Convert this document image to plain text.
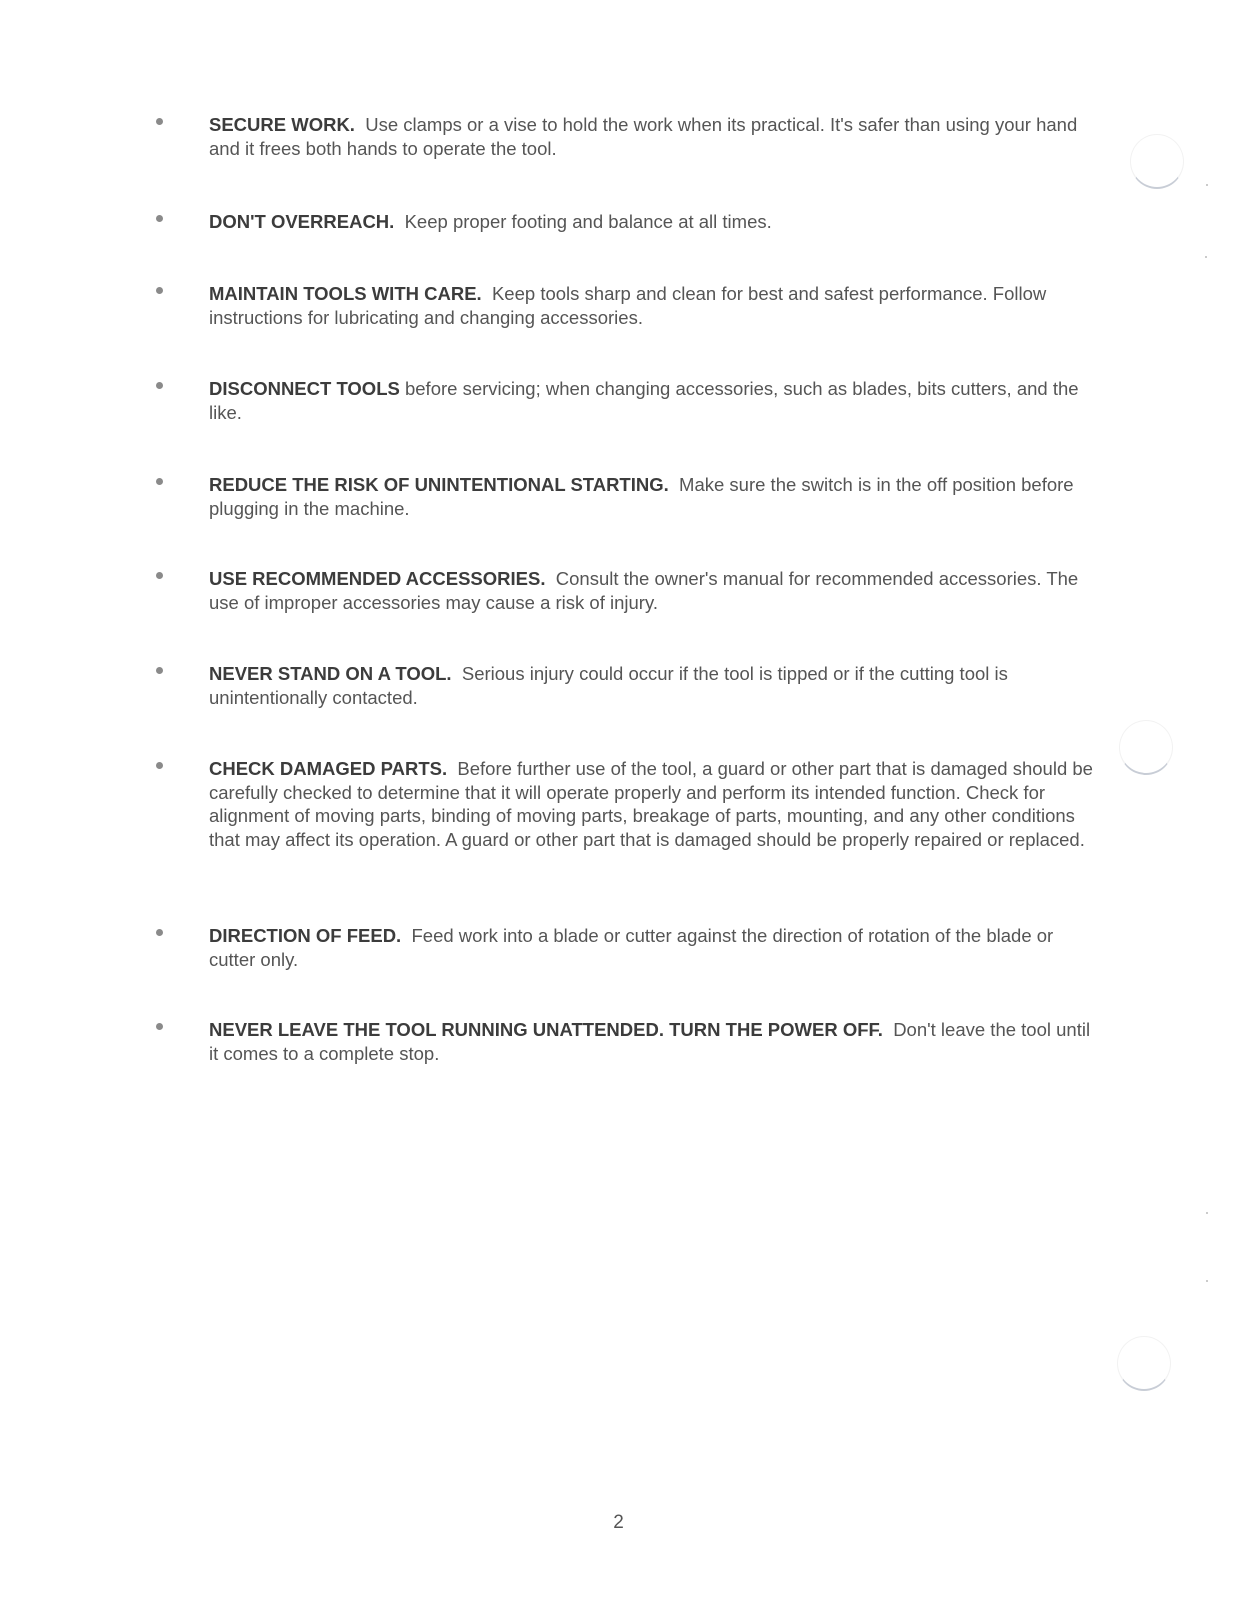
SECURE WORK. Use clamps or a vise to hold the work when its practical. It's safer than using your hand and it frees both hands to operate the tool.
DON'T OVERREACH. Keep proper footing and balance at all times.
MAINTAIN TOOLS WITH CARE. Keep tools sharp and clean for best and safest performance. Follow instructions for lubricating and changing accessories.
DISCONNECT TOOLS before servicing; when changing accessories, such as blades, bits cutters, and the like.
REDUCE THE RISK OF UNINTENTIONAL STARTING. Make sure the switch is in the off position before plugging in the machine.
USE RECOMMENDED ACCESSORIES. Consult the owner's manual for recommended accessories. The use of improper accessories may cause a risk of injury.
NEVER STAND ON A TOOL. Serious injury could occur if the tool is tipped or if the cutting tool is unintentionally contacted.
CHECK DAMAGED PARTS. Before further use of the tool, a guard or other part that is damaged should be carefully checked to determine that it will operate properly and perform its intended function. Check for alignment of moving parts, binding of moving parts, breakage of parts, mounting, and any other conditions that may affect its operation. A guard or other part that is damaged should be properly repaired or replaced.
DIRECTION OF FEED. Feed work into a blade or cutter against the direction of rotation of the blade or cutter only.
NEVER LEAVE THE TOOL RUNNING UNATTENDED. TURN THE POWER OFF. Don't leave the tool until it comes to a complete stop.
2
